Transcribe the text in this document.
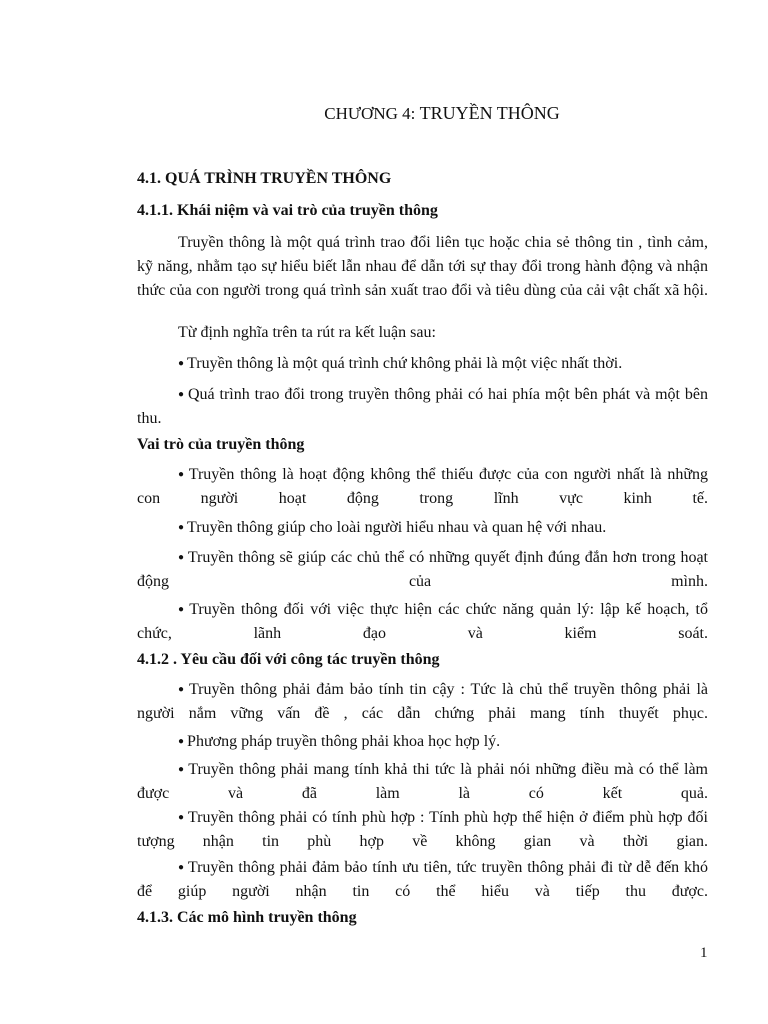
CHƯƠNG 4: TRUYỀN THÔNG
4.1. QUÁ TRÌNH TRUYỀN THÔNG
4.1.1. Khái niệm và vai trò của truyền thông

Truyền thông là một quá trình trao đổi liên tục hoặc chia sẻ thông tin , tình cảm, kỹ năng, nhằm tạo sự hiểu biết lẫn nhau để dẫn tới sự thay đổi trong hành động và nhận thức của con người trong quá trình sản xuất trao đổi và tiêu dùng của cải vật chất xã hội.

Từ định nghĩa trên ta rút ra kết luận sau:

● Truyền thông là một quá trình chứ không phải là một việc nhất thời.

● Quá trình trao đổi trong truyền thông phải có hai phía một bên phát và một bên thu.

Vai trò của truyền thông

● Truyền thông là hoạt động không thể thiếu được của con người nhất là những con người hoạt động trong lĩnh vực kinh tế.

● Truyền thông giúp cho loài người hiểu nhau và quan hệ với nhau.

● Truyền thông sẽ giúp các chủ thể có những quyết định đúng đắn hơn trong hoạt động của mình.

● Truyền thông đối với việc thực hiện các chức năng quản lý: lập kế hoạch, tổ chức, lãnh đạo và kiểm soát.

4.1.2 . Yêu cầu đối với công tác truyền thông

● Truyền thông phải đảm bảo tính tin cậy : Tức là chủ thể truyền thông phải là người nắm vững vấn đề , các dẫn chứng phải mang tính thuyết phục.

● Phương pháp truyền thông phải khoa học hợp lý.

● Truyền thông phải mang tính khả thi tức là phải nói những điều mà có thể làm được và đã làm là có kết quả.

● Truyền thông phải có tính phù hợp : Tính phù hợp thể hiện ở điểm phù hợp đối tượng nhận tin phù hợp về không gian và thời gian.

● Truyền thông phải đảm bảo tính ưu tiên, tức truyền thông phải đi từ dễ đến khó để giúp người nhận tin có thể hiểu và tiếp thu được.

4.1.3. Các mô hình truyền thông
1
